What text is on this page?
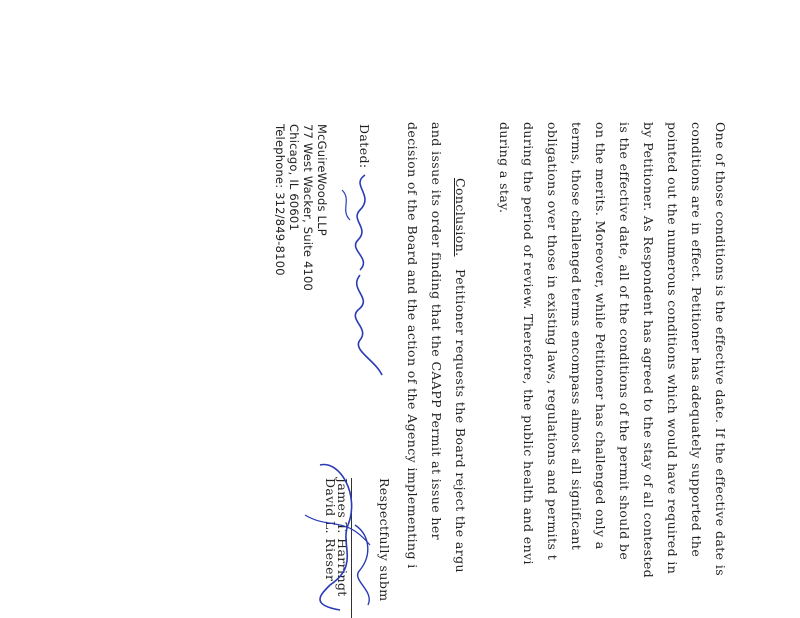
One of those conditions is the effective date. If the effective date is

conditions are in effect. Petitioner has adequately supported the

pointed out the numerous conditions which would have required in

is the effective date, all of the conditions of the permit should be by Petitioner. As Respondent has agreed to the stay of all contested

on the merits. Moreover, while Petitioner has challenged only a

terms, those challenged terms encompass almost all significant

obligations over those in existing laws, regulations and permits t

during the period of review. Therefore, the public health and envi

during a stay.

Conclusion.

Petitioner requests the Board reject the argu

and issue its order finding that the CAAPP Permit at issue her

decision of the Board and the action of the Agency implementing i

Respectfully subm

James T. Harringt

David L. Rieser

Dated:

McGuireWoods LLP

77 West Wacker, Suite 4100

Chicago, IL 60601

Telephone: 312/849-8100
